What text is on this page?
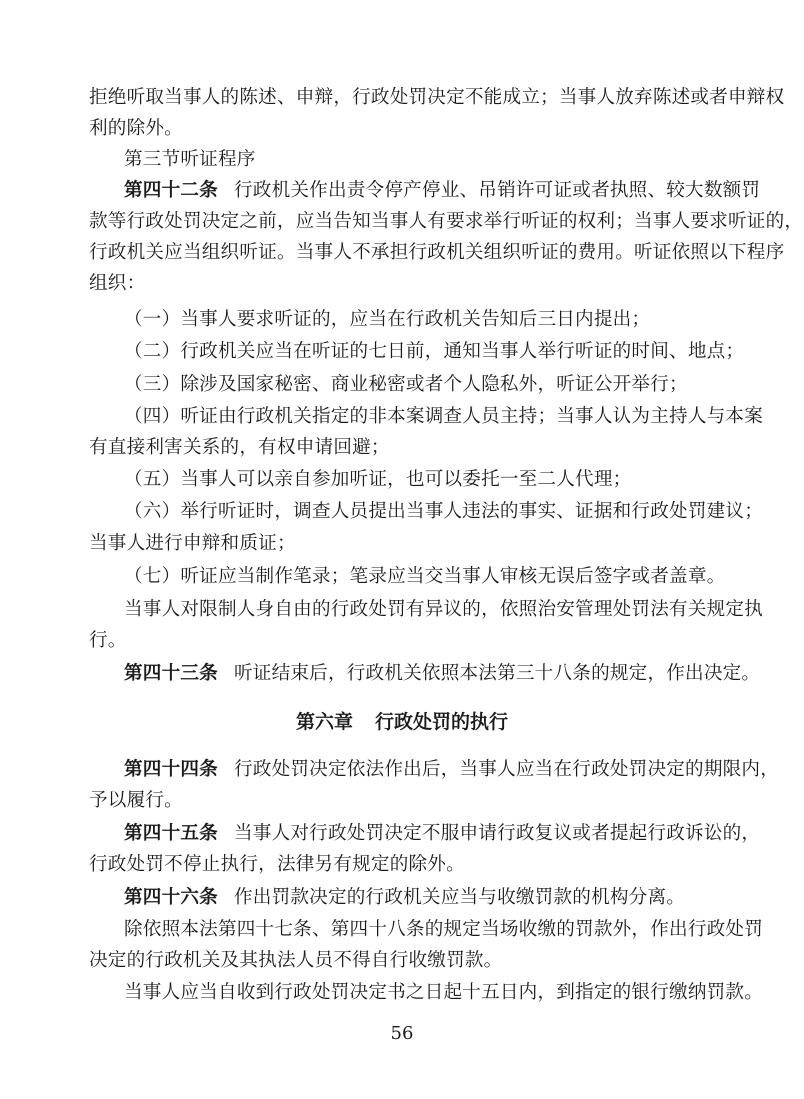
拒绝听取当事人的陈述、申辩，行政处罚决定不能成立；当事人放弃陈述或者申辩权

利的除外。

第三节听证程序

第四十二条 行政机关作出责令停产停业、吊销许可证或者执照、较大数额罚

款等行政处罚决定之前，应当告知当事人有要求举行听证的权利；当事人要求听证的，

行政机关应当组织听证。当事人不承担行政机关组织听证的费用。听证依照以下程序

组织：

（一）当事人要求听证的，应当在行政机关告知后三日内提出；

（二）行政机关应当在听证的七日前，通知当事人举行听证的时间、地点；

（三）除涉及国家秘密、商业秘密或者个人隐私外，听证公开举行；

（四）听证由行政机关指定的非本案调查人员主持；当事人认为主持人与本案

有直接利害关系的，有权申请回避；

（五）当事人可以亲自参加听证，也可以委托一至二人代理；

（六）举行听证时，调查人员提出当事人违法的事实、证据和行政处罚建议；

当事人进行申辩和质证；

（七）听证应当制作笔录；笔录应当交当事人审核无误后签字或者盖章。

当事人对限制人身自由的行政处罚有异议的，依照治安管理处罚法有关规定执

行。

第四十三条 听证结束后，行政机关依照本法第三十八条的规定，作出决定。

第六章 行政处罚的执行

第四十四条 行政处罚决定依法作出后，当事人应当在行政处罚决定的期限内，

予以履行。

第四十五条 当事人对行政处罚决定不服申请行政复议或者提起行政诉讼的，

行政处罚不停止执行，法律另有规定的除外。

第四十六条 作出罚款决定的行政机关应当与收缴罚款的机构分离。

除依照本法第四十七条、第四十八条的规定当场收缴的罚款外，作出行政处罚

决定的行政机关及其执法人员不得自行收缴罚款。

当事人应当自收到行政处罚决定书之日起十五日内，到指定的银行缴纳罚款。

56
